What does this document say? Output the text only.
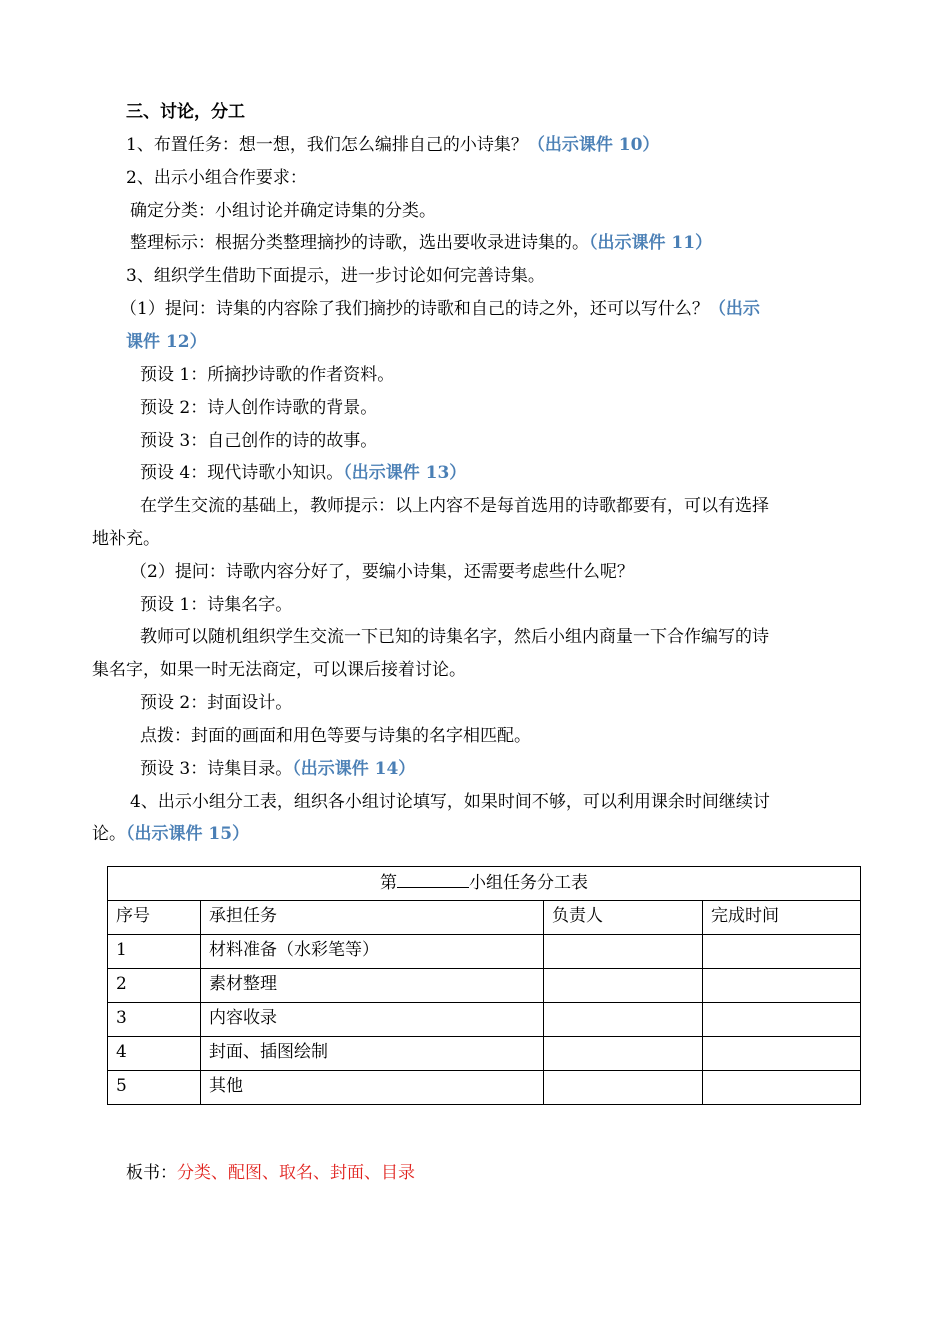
三、讨论，分工
1、布置任务：想一想，我们怎么编排自己的小诗集？（出示课件 10）
2、出示小组合作要求：
确定分类：小组讨论并确定诗集的分类。
整理标示：根据分类整理摘抄的诗歌，选出要收录进诗集的。（出示课件 11）
3、组织学生借助下面提示，进一步讨论如何完善诗集。
（1）提问：诗集的内容除了我们摘抄的诗歌和自己的诗之外，还可以写什么？（出示
课件 12）
预设 1：所摘抄诗歌的作者资料。
预设 2：诗人创作诗歌的背景。
预设 3：自己创作的诗的故事。
预设 4：现代诗歌小知识。（出示课件 13）
在学生交流的基础上，教师提示：以上内容不是每首选用的诗歌都要有，可以有选择
地补充。
（2）提问：诗歌内容分好了，要编小诗集，还需要考虑些什么呢？
预设 1：诗集名字。
教师可以随机组织学生交流一下已知的诗集名字，然后小组内商量一下合作编写的诗
集名字，如果一时无法商定，可以课后接着讨论。
预设 2：封面设计。
点拨：封面的画面和用色等要与诗集的名字相匹配。
预设 3：诗集目录。（出示课件 14）
4、出示小组分工表，组织各小组讨论填写，如果时间不够，可以利用课余时间继续讨
论。（出示课件 15）
第 小组任务分工表			
序号	承担任务	负责人	完成时间
1	材料准备（水彩笔等）		
2	素材整理		
3	内容收录		
4	封面、插图绘制		
5	其他		
板书：分类、配图、取名、封面、目录
